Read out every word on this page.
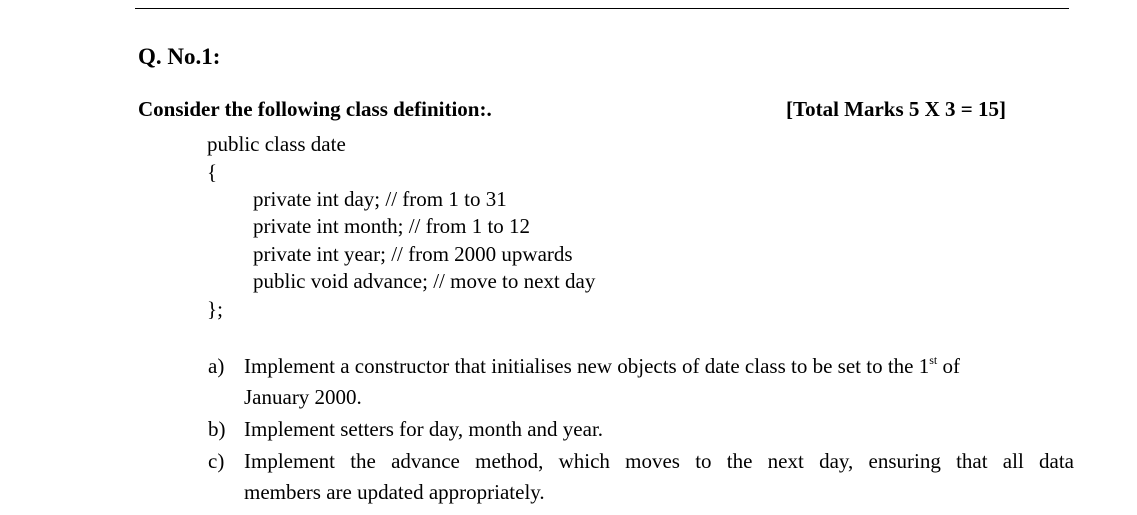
Q. No.1:
Consider the following class definition:.	[Total Marks 5 X 3 = 15]
public class date
{
private int day; // from 1 to 31
private int month; // from 1 to 12
private int year; // from 2000 upwards
public void advance; // move to next day
};
a) Implement a constructor that initialises new objects of date class to be set to the 1st of
January 2000.
b) Implement setters for day, month and year.
c) Implement the advance method, which moves to the next day, ensuring that all data
members are updated appropriately.
